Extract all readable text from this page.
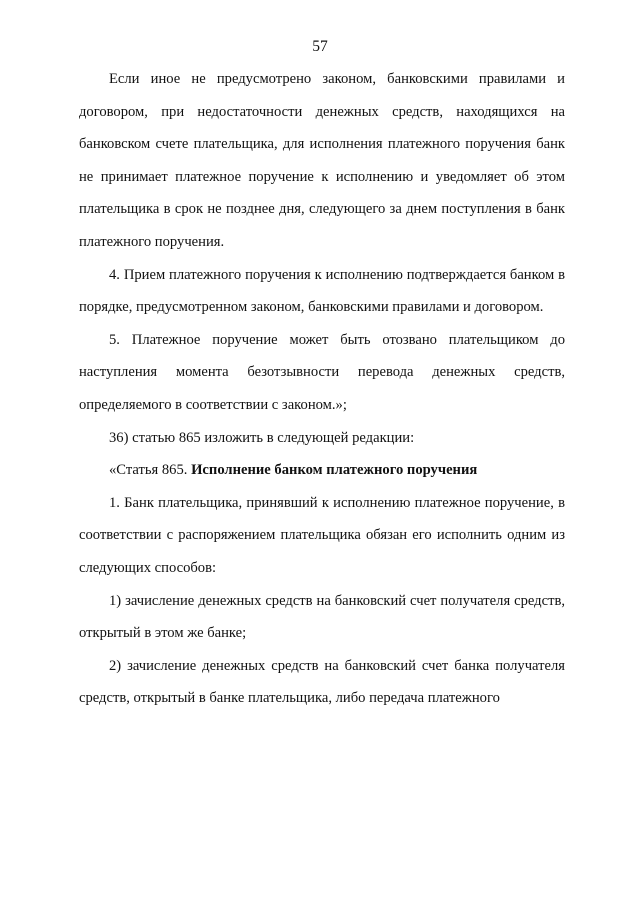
57

Если иное не предусмотрено законом, банковскими правилами и договором, при недостаточности денежных средств, находящихся на банковском счете плательщика, для исполнения платежного поручения банк не принимает платежное поручение к исполнению и уведомляет об этом плательщика в срок не позднее дня, следующего за днем поступления в банк платежного поручения.

4. Прием платежного поручения к исполнению подтверждается банком в порядке, предусмотренном законом, банковскими правилами и договором.

5. Платежное поручение может быть отозвано плательщиком до наступления момента безотзывности перевода денежных средств, определяемого в соответствии с законом.»;

36) статью 865 изложить в следующей редакции:

«Статья 865. Исполнение банком платежного поручения

1. Банк плательщика, принявший к исполнению платежное поручение, в соответствии с распоряжением плательщика обязан его исполнить одним из следующих способов:

1) зачисление денежных средств на банковский счет получателя средств, открытый в этом же банке;

2) зачисление денежных средств на банковский счет банка получателя средств, открытый в банке плательщика, либо передача платежного
